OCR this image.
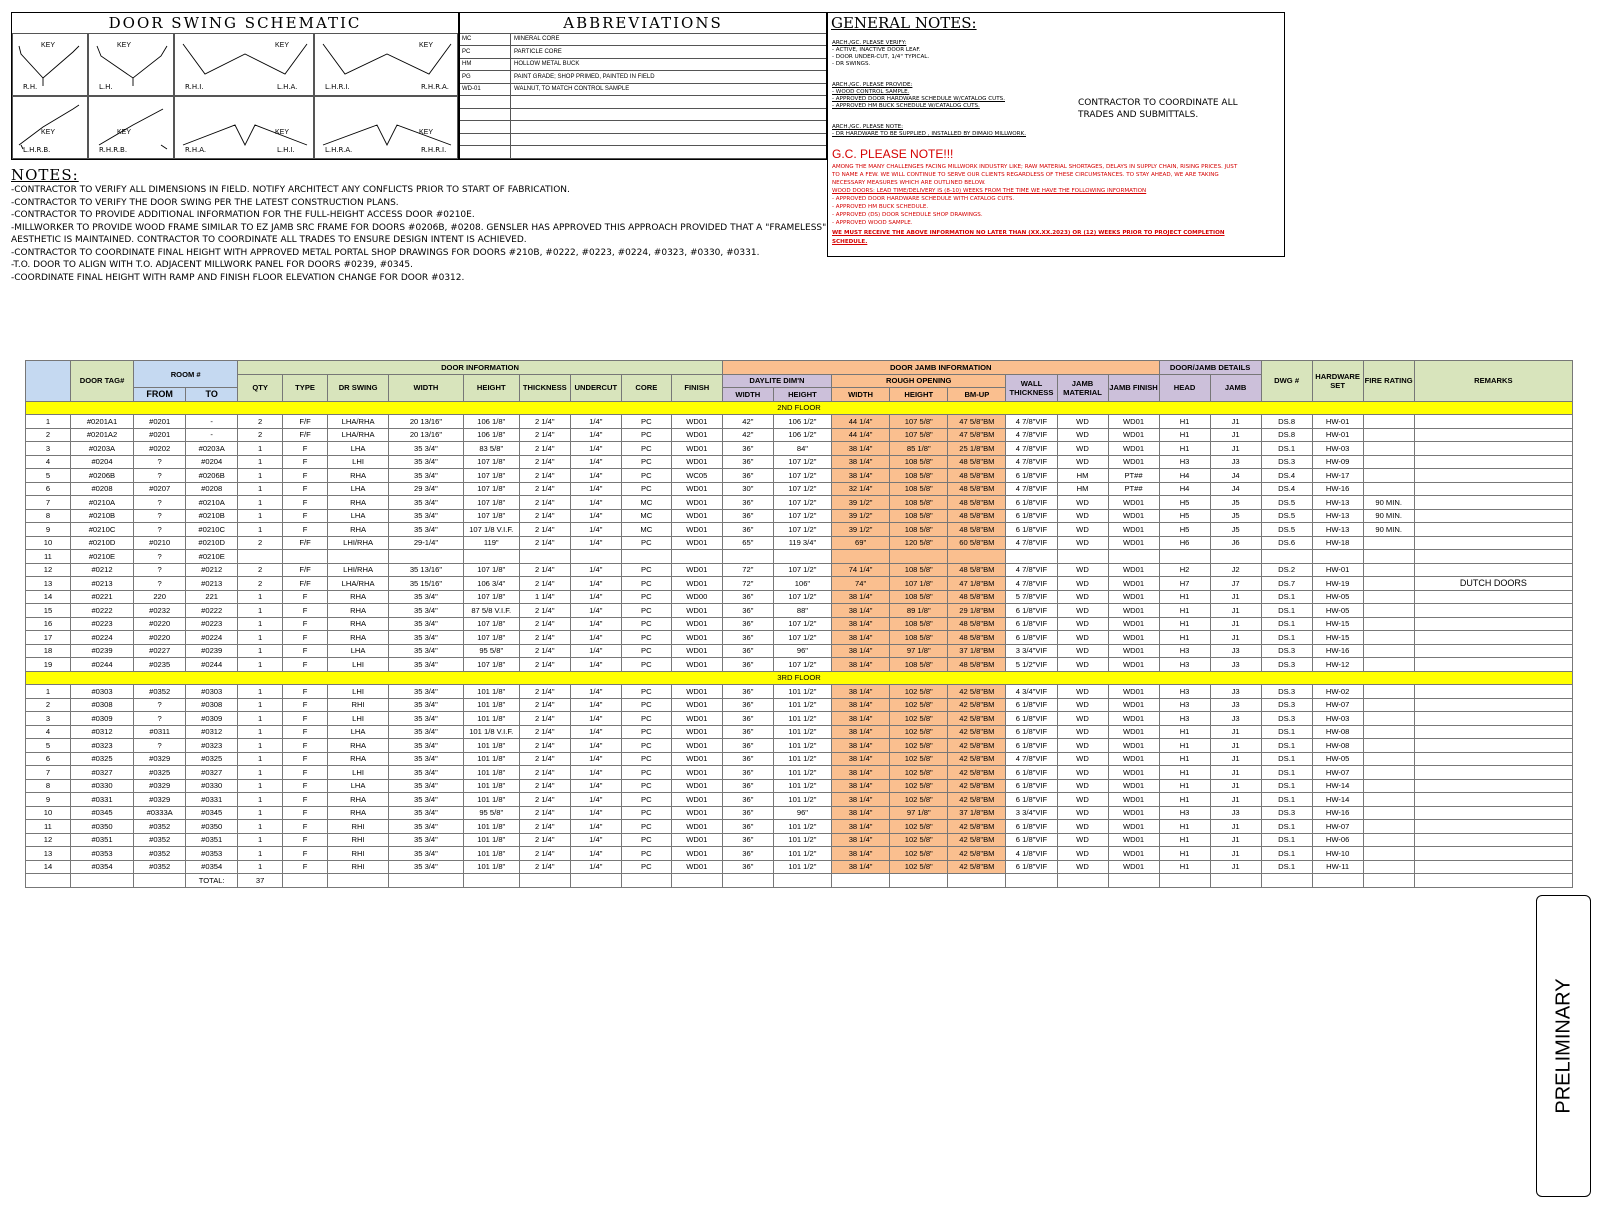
DOOR SWING SCHEMATIC
KEY
R.H.
KEY
L.H.
KEY
R.H.I.	L.H.A.
KEY
L.H.R.I.	R.H.R.A.
KEY
L.H.R.B.
KEY
R.H.R.B.
KEY
R.H.A.	L.H.I.
KEY
L.H.R.A.	R.H.R.I.
ABBREVIATIONS
MC	MINERAL CORE
PC	PARTICLE CORE
HM	HOLLOW METAL BUCK
PG	PAINT GRADE; SHOP PRIMED, PAINTED IN FIELD
WD-01	WALNUT, TO MATCH CONTROL SAMPLE
GENERAL NOTES:
ARCH./GC. PLEASE VERIFY:
- ACTIVE, INACTIVE DOOR LEAF.
- DOOR UNDER-CUT, 1/4" TYPICAL.
- DR SWINGS.
ARCH./GC. PLEASE PROVIDE:
- WOOD CONTROL SAMPLE.
- APPROVED DOOR HARDWARE SCHEDULE W/CATALOG CUTS.
- APPROVED HM BUCK SCHEDULE W/CATALOG CUTS.
ARCH./GC. PLEASE NOTE:
- DR HARDWARE TO BE SUPPLIED , INSTALLED BY DIMAIO MILLWORK.
CONTRACTOR TO COORDINATE ALL TRADES AND SUBMITTALS.
G.C. PLEASE NOTE!!!
AMONG THE MANY CHALLENGES FACING MILLWORK INDUSTRY LIKE; RAW MATERIAL SHORTAGES, DELAYS IN SUPPLY CHAIN, RISING PRICES. JUST
TO NAME A FEW. WE WILL CONTINUE TO SERVE OUR CLIENTS REGARDLESS OF THESE CIRCUMSTANCES. TO STAY AHEAD, WE ARE TAKING
NECESSARY MEASURES WHICH ARE OUTLINED BELOW.
WOOD DOORS: LEAD TIME/DELIVERY IS (8-10) WEEKS FROM THE TIME WE HAVE THE FOLLOWING INFORMATION
- APPROVED DOOR HARDWARE SCHEDULE WITH CATALOG CUTS.
- APPROVED HM BUCK SCHEDULE.
- APPROVED (DS) DOOR SCHEDULE SHOP DRAWINGS.
- APPROVED WOOD SAMPLE.
WE MUST RECEIVE THE ABOVE INFORMATION NO LATER THAN (XX.XX.2023) OR (12) WEEKS PRIOR TO PROJECT COMPLETION
SCHEDULE.
NOTES:
-CONTRACTOR TO VERIFY ALL DIMENSIONS IN FIELD. NOTIFY ARCHITECT ANY CONFLICTS PRIOR TO START OF FABRICATION.
-CONTRACTOR TO VERIFY THE DOOR SWING PER THE LATEST CONSTRUCTION PLANS.
-CONTRACTOR TO PROVIDE ADDITIONAL INFORMATION FOR THE FULL-HEIGHT ACCESS DOOR #0210E.
-MILLWORKER TO PROVIDE WOOD FRAME SIMILAR TO EZ JAMB SRC FRAME FOR DOORS #0206B, #0208. GENSLER HAS APPROVED THIS APPROACH PROVIDED THAT A "FRAMELESS"
AESTHETIC IS MAINTAINED. CONTRACTOR TO COORDINATE ALL TRADES TO ENSURE DESIGN INTENT IS ACHIEVED.
-CONTRACTOR TO COORDINATE FINAL HEIGHT WITH APPROVED METAL PORTAL SHOP DRAWINGS FOR DOORS #210B, #0222, #0223, #0224, #0323, #0330, #0331.
-T.O. DOOR TO ALIGN WITH T.O. ADJACENT MILLWORK PANEL FOR DOORS #0239, #0345.
-COORDINATE FINAL HEIGHT WITH RAMP AND FINISH FLOOR ELEVATION CHANGE FOR DOOR #0312.
	DOOR TAG#	ROOM #		DOOR INFORMATION									DOOR JAMB INFORMATION								DOOR/JAMB DETAILS		DWG #	HARDWARE SET	FIRE RATING	REMARKS
				QTY	TYPE	DR SWING	WIDTH	HEIGHT	THICKNESS	UNDERCUT	CORE	FINISH	DAYLITE DIM'N		ROUGH OPENING			WALL THICKNESS	JAMB MATERIAL	JAMB FINISH	HEAD	JAMB				
		FROM	TO										WIDTH	HEIGHT	WIDTH	HEIGHT	BM-UP									
2ND FLOOR																										
1	#0201A1	#0201	-	2	F/F	LHA/RHA	20 13/16"	106 1/8"	2 1/4"	1/4"	PC	WD01	42"	106 1/2"	44 1/4"	107 5/8"	47 5/8"BM	4 7/8"VIF	WD	WD01	H1	J1	DS.8	HW-01		
2	#0201A2	#0201	-	2	F/F	LHA/RHA	20 13/16"	106 1/8"	2 1/4"	1/4"	PC	WD01	42"	106 1/2"	44 1/4"	107 5/8"	47 5/8"BM	4 7/8"VIF	WD	WD01	H1	J1	DS.8	HW-01		
3	#0203A	#0202	#0203A	1	F	LHA	35 3/4"	83 5/8"	2 1/4"	1/4"	PC	WD01	36"	84"	38 1/4"	85 1/8"	25 1/8"BM	4 7/8"VIF	WD	WD01	H1	J1	DS.1	HW-03		
4	#0204	?	#0204	1	F	LHI	35 3/4"	107 1/8"	2 1/4"	1/4"	PC	WD01	36"	107 1/2"	38 1/4"	108 5/8"	48 5/8"BM	4 7/8"VIF	WD	WD01	H3	J3	DS.3	HW-09		
5	#0206B	?	#0206B	1	F	RHA	35 3/4"	107 1/8"	2 1/4"	1/4"	PC	WC05	36"	107 1/2"	38 1/4"	108 5/8"	48 5/8"BM	6 1/8"VIF	HM	PT##	H4	J4	DS.4	HW-17		
6	#0208	#0207	#0208	1	F	LHA	29 3/4"	107 1/8"	2 1/4"	1/4"	PC	WD01	30"	107 1/2"	32 1/4"	108 5/8"	48 5/8"BM	4 7/8"VIF	HM	PT##	H4	J4	DS.4	HW-16		
7	#0210A	?	#0210A	1	F	RHA	35 3/4"	107 1/8"	2 1/4"	1/4"	MC	WD01	36"	107 1/2"	39 1/2"	108 5/8"	48 5/8"BM	6 1/8"VIF	WD	WD01	H5	J5	DS.5	HW-13	90 MIN.	
8	#0210B	?	#0210B	1	F	LHA	35 3/4"	107 1/8"	2 1/4"	1/4"	MC	WD01	36"	107 1/2"	39 1/2"	108 5/8"	48 5/8"BM	6 1/8"VIF	WD	WD01	H5	J5	DS.5	HW-13	90 MIN.	
9	#0210C	?	#0210C	1	F	RHA	35 3/4"	107 1/8 V.I.F.	2 1/4"	1/4"	MC	WD01	36"	107 1/2"	39 1/2"	108 5/8"	48 5/8"BM	6 1/8"VIF	WD	WD01	H5	J5	DS.5	HW-13	90 MIN.	
10	#0210D	#0210	#0210D	2	F/F	LHI/RHA	29-1/4"	119"	2 1/4"	1/4"	PC	WD01	65"	119 3/4"	69"	120 5/8"	60 5/8"BM	4 7/8"VIF	WD	WD01	H6	J6	DS.6	HW-18		
11	#0210E	?	#0210E																							
12	#0212	?	#0212	2	F/F	LHI/RHA	35 13/16"	107 1/8"	2 1/4"	1/4"	PC	WD01	72"	107 1/2"	74 1/4"	108 5/8"	48 5/8"BM	4 7/8"VIF	WD	WD01	H2	J2	DS.2	HW-01		
13	#0213	?	#0213	2	F/F	LHA/RHA	35 15/16"	106 3/4"	2 1/4"	1/4"	PC	WD01	72"	106"	74"	107 1/8"	47 1/8"BM	4 7/8"VIF	WD	WD01	H7	J7	DS.7	HW-19		DUTCH DOORS
14	#0221	220	221	1	F	RHA	35 3/4"	107 1/8"	1 1/4"	1/4"	PC	WD00	36"	107 1/2"	38 1/4"	108 5/8"	48 5/8"BM	5 7/8"VIF	WD	WD01	H1	J1	DS.1	HW-05		
15	#0222	#0232	#0222	1	F	RHA	35 3/4"	87 5/8 V.I.F.	2 1/4"	1/4"	PC	WD01	36"	88"	38 1/4"	89 1/8"	29 1/8"BM	6 1/8"VIF	WD	WD01	H1	J1	DS.1	HW-05		
16	#0223	#0220	#0223	1	F	RHA	35 3/4"	107 1/8"	2 1/4"	1/4"	PC	WD01	36"	107 1/2"	38 1/4"	108 5/8"	48 5/8"BM	6 1/8"VIF	WD	WD01	H1	J1	DS.1	HW-15		
17	#0224	#0220	#0224	1	F	RHA	35 3/4"	107 1/8"	2 1/4"	1/4"	PC	WD01	36"	107 1/2"	38 1/4"	108 5/8"	48 5/8"BM	6 1/8"VIF	WD	WD01	H1	J1	DS.1	HW-15		
18	#0239	#0227	#0239	1	F	LHA	35 3/4"	95 5/8"	2 1/4"	1/4"	PC	WD01	36"	96"	38 1/4"	97 1/8"	37 1/8"BM	3 3/4"VIF	WD	WD01	H3	J3	DS.3	HW-16		
19	#0244	#0235	#0244	1	F	LHI	35 3/4"	107 1/8"	2 1/4"	1/4"	PC	WD01	36"	107 1/2"	38 1/4"	108 5/8"	48 5/8"BM	5 1/2"VIF	WD	WD01	H3	J3	DS.3	HW-12		
3RD FLOOR																										
1	#0303	#0352	#0303	1	F	LHI	35 3/4"	101 1/8"	2 1/4"	1/4"	PC	WD01	36"	101 1/2"	38 1/4"	102 5/8"	42 5/8"BM	4 3/4"VIF	WD	WD01	H3	J3	DS.3	HW-02		
2	#0308	?	#0308	1	F	RHI	35 3/4"	101 1/8"	2 1/4"	1/4"	PC	WD01	36"	101 1/2"	38 1/4"	102 5/8"	42 5/8"BM	6 1/8"VIF	WD	WD01	H3	J3	DS.3	HW-07		
3	#0309	?	#0309	1	F	LHI	35 3/4"	101 1/8"	2 1/4"	1/4"	PC	WD01	36"	101 1/2"	38 1/4"	102 5/8"	42 5/8"BM	6 1/8"VIF	WD	WD01	H3	J3	DS.3	HW-03		
4	#0312	#0311	#0312	1	F	LHA	35 3/4"	101 1/8 V.I.F.	2 1/4"	1/4"	PC	WD01	36"	101 1/2"	38 1/4"	102 5/8"	42 5/8"BM	6 1/8"VIF	WD	WD01	H1	J1	DS.1	HW-08		
5	#0323	?	#0323	1	F	RHA	35 3/4"	101 1/8"	2 1/4"	1/4"	PC	WD01	36"	101 1/2"	38 1/4"	102 5/8"	42 5/8"BM	6 1/8"VIF	WD	WD01	H1	J1	DS.1	HW-08		
6	#0325	#0329	#0325	1	F	RHA	35 3/4"	101 1/8"	2 1/4"	1/4"	PC	WD01	36"	101 1/2"	38 1/4"	102 5/8"	42 5/8"BM	4 7/8"VIF	WD	WD01	H1	J1	DS.1	HW-05		
7	#0327	#0325	#0327	1	F	LHI	35 3/4"	101 1/8"	2 1/4"	1/4"	PC	WD01	36"	101 1/2"	38 1/4"	102 5/8"	42 5/8"BM	6 1/8"VIF	WD	WD01	H1	J1	DS.1	HW-07		
8	#0330	#0329	#0330	1	F	LHA	35 3/4"	101 1/8"	2 1/4"	1/4"	PC	WD01	36"	101 1/2"	38 1/4"	102 5/8"	42 5/8"BM	6 1/8"VIF	WD	WD01	H1	J1	DS.1	HW-14		
9	#0331	#0329	#0331	1	F	RHA	35 3/4"	101 1/8"	2 1/4"	1/4"	PC	WD01	36"	101 1/2"	38 1/4"	102 5/8"	42 5/8"BM	6 1/8"VIF	WD	WD01	H1	J1	DS.1	HW-14		
10	#0345	#0333A	#0345	1	F	RHA	35 3/4"	95 5/8"	2 1/4"	1/4"	PC	WD01	36"	96"	38 1/4"	97 1/8"	37 1/8"BM	3 3/4"VIF	WD	WD01	H3	J3	DS.3	HW-16		
11	#0350	#0352	#0350	1	F	RHI	35 3/4"	101 1/8"	2 1/4"	1/4"	PC	WD01	36"	101 1/2"	38 1/4"	102 5/8"	42 5/8"BM	6 1/8"VIF	WD	WD01	H1	J1	DS.1	HW-07		
12	#0351	#0352	#0351	1	F	RHI	35 3/4"	101 1/8"	2 1/4"	1/4"	PC	WD01	36"	101 1/2"	38 1/4"	102 5/8"	42 5/8"BM	6 1/8"VIF	WD	WD01	H1	J1	DS.1	HW-06		
13	#0353	#0352	#0353	1	F	RHI	35 3/4"	101 1/8"	2 1/4"	1/4"	PC	WD01	36"	101 1/2"	38 1/4"	102 5/8"	42 5/8"BM	4 1/8"VIF	WD	WD01	H1	J1	DS.1	HW-10		
14	#0354	#0352	#0354	1	F	RHI	35 3/4"	101 1/8"	2 1/4"	1/4"	PC	WD01	36"	101 1/2"	38 1/4"	102 5/8"	42 5/8"BM	6 1/8"VIF	WD	WD01	H1	J1	DS.1	HW-11		
			TOTAL:	37																						
PRELIMINARY
